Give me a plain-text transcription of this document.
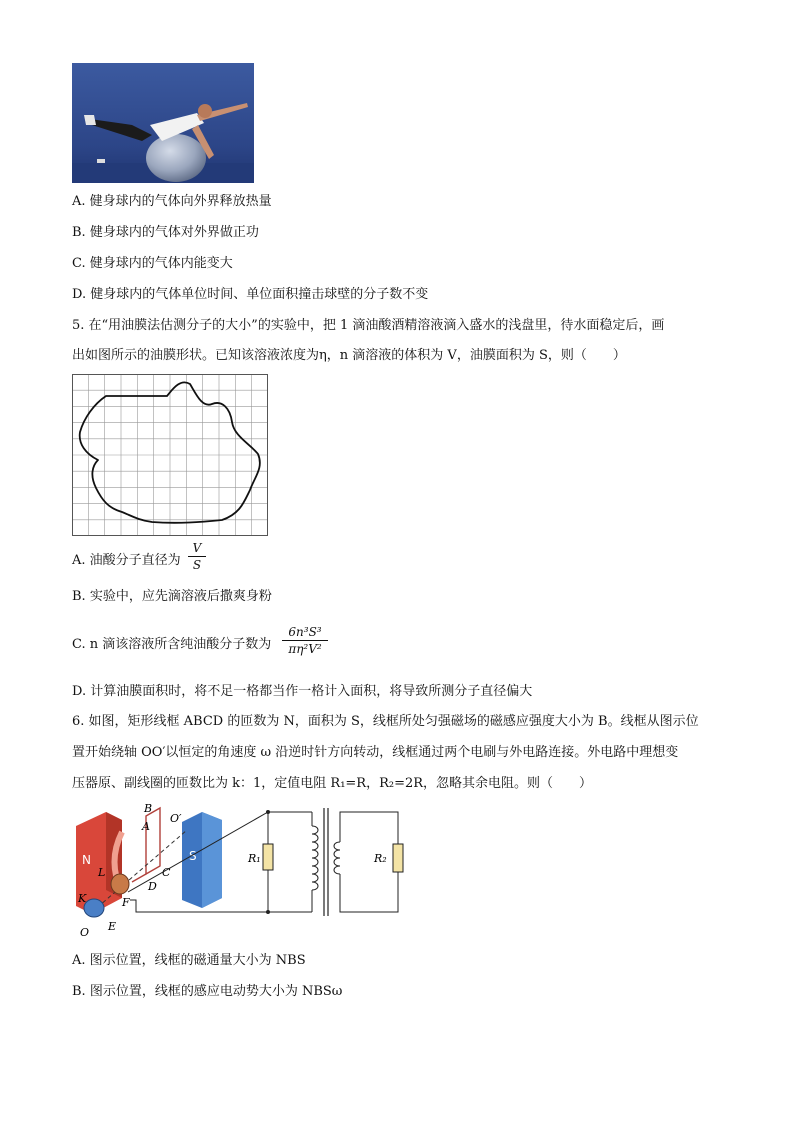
A. 健身球内的气体向外界释放热量
B. 健身球内的气体对外界做正功
C. 健身球内的气体内能变大
D. 健身球内的气体单位时间、单位面积撞击球壁的分子数不变
5. 在“用油膜法估测分子的大小”的实验中，把 1 滴油酸酒精溶液滴入盛水的浅盘里，待水面稳定后，画
出如图所示的油膜形状。已知该溶液浓度为η，n 滴溶液的体积为 V，油膜面积为 S，则（　　）
A. 油酸分子直径为
V
S
B. 实验中，应先滴溶液后撒爽身粉
C. n 滴该溶液所含纯油酸分子数为
6n³S³
πη²V²
D. 计算油膜面积时，将不足一格都当作一格计入面积，将导致所测分子直径偏大
6. 如图，矩形线框 ABCD 的匝数为 N，面积为 S，线框所处匀强磁场的磁感应强度大小为 B。线框从图示位
置开始绕轴 OO′以恒定的角速度 ω 沿逆时针方向转动，线框通过两个电刷与外电路连接。外电路中理想变
压器原、副线圈的匝数比为 k：1，定值电阻 R₁=R，R₂=2R，忽略其余电阻。则（　　）
N	S
A
B
C
D
L
K	F
E
O
O′
R₁	R₂
A. 图示位置，线框的磁通量大小为 NBS
B. 图示位置，线框的感应电动势大小为 NBSω
